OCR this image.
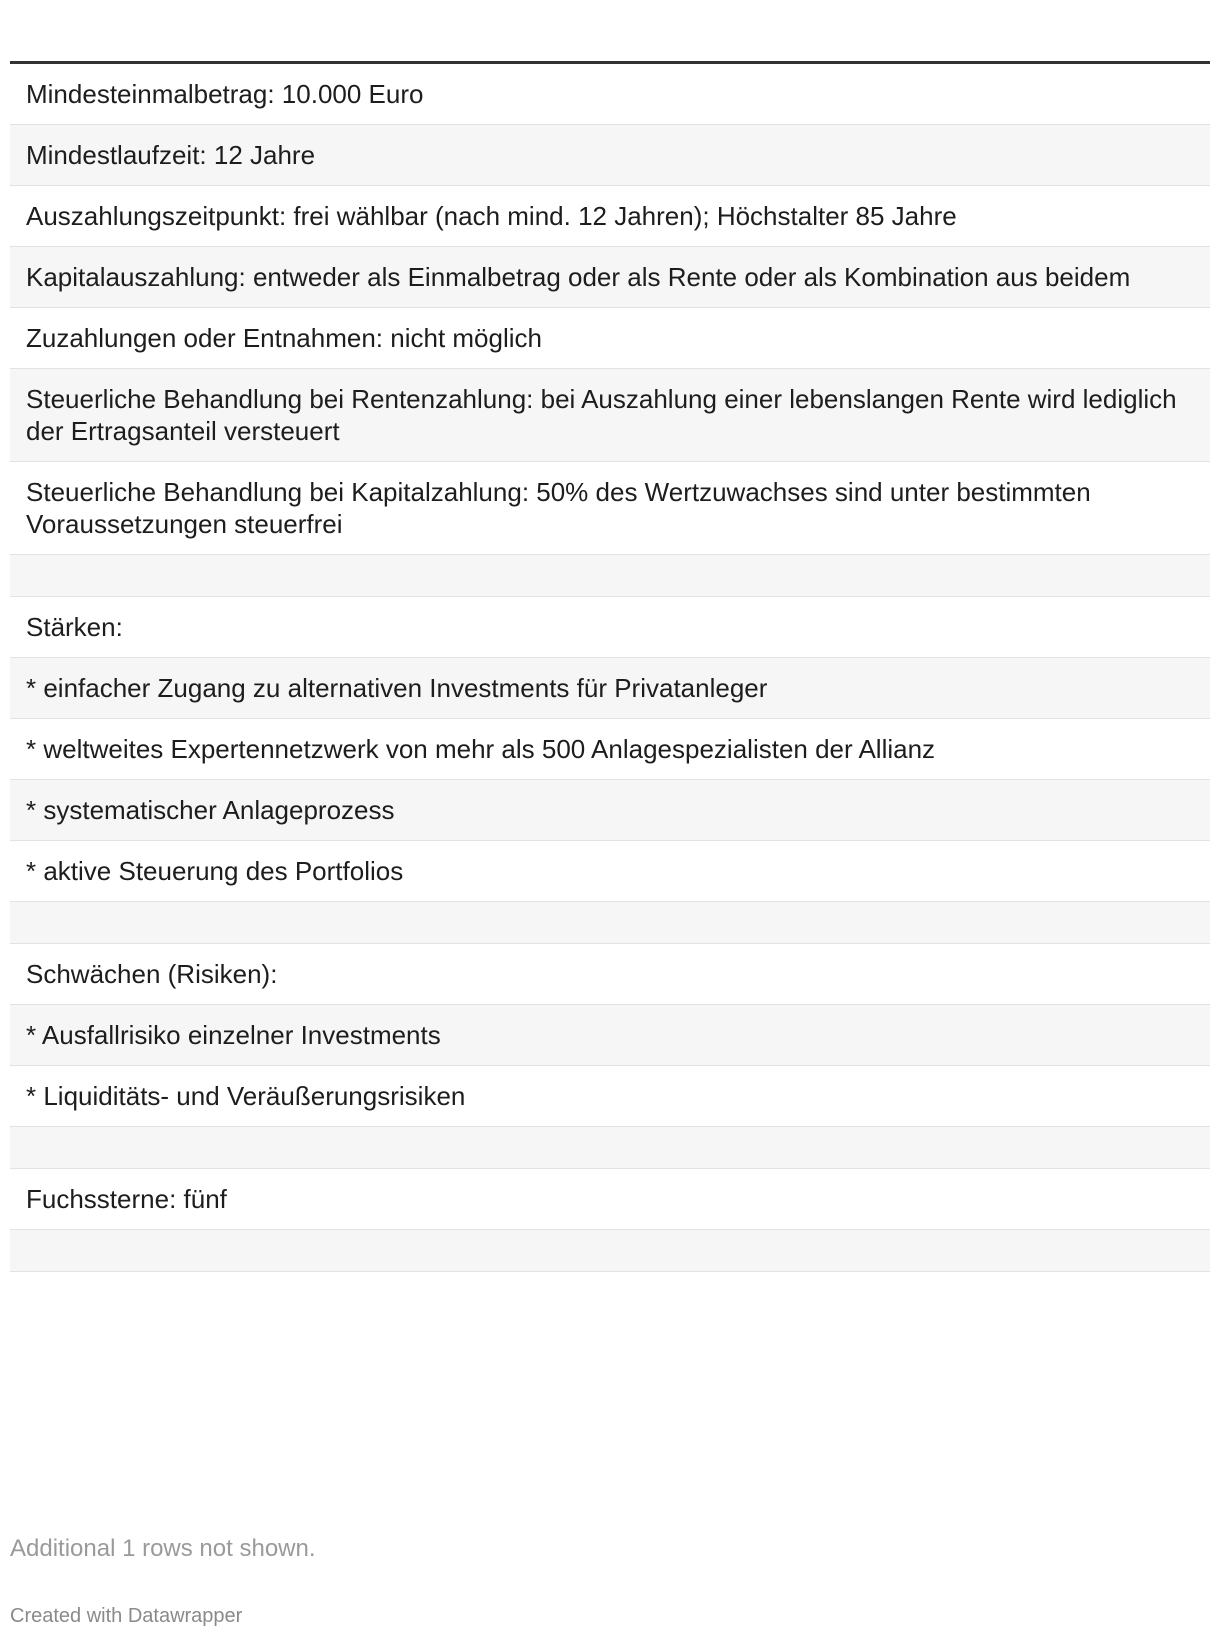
Mindesteinmalbetrag: 10.000 Euro
Mindestlaufzeit: 12 Jahre
Auszahlungszeitpunkt: frei wählbar (nach mind. 12 Jahren); Höchstalter 85 Jahre
Kapitalauszahlung: entweder als Einmalbetrag oder als Rente oder als Kombination aus beidem
Zuzahlungen oder Entnahmen: nicht möglich
Steuerliche Behandlung bei Rentenzahlung: bei Auszahlung einer lebenslangen Rente wird lediglich der Ertragsanteil versteuert
Steuerliche Behandlung bei Kapitalzahlung: 50% des Wertzuwachses sind unter bestimmten Voraussetzungen steuerfrei

Stärken:
* einfacher Zugang zu alternativen Investments für Privatanleger
* weltweites Expertennetzwerk von mehr als 500 Anlagespezialisten der Allianz
* systematischer Anlageprozess
* aktive Steuerung des Portfolios

Schwächen (Risiken):
* Ausfallrisiko einzelner Investments
* Liquiditäts- und Veräußerungsrisiken

Fuchssterne: fünf

Additional 1 rows not shown.
Created with Datawrapper
